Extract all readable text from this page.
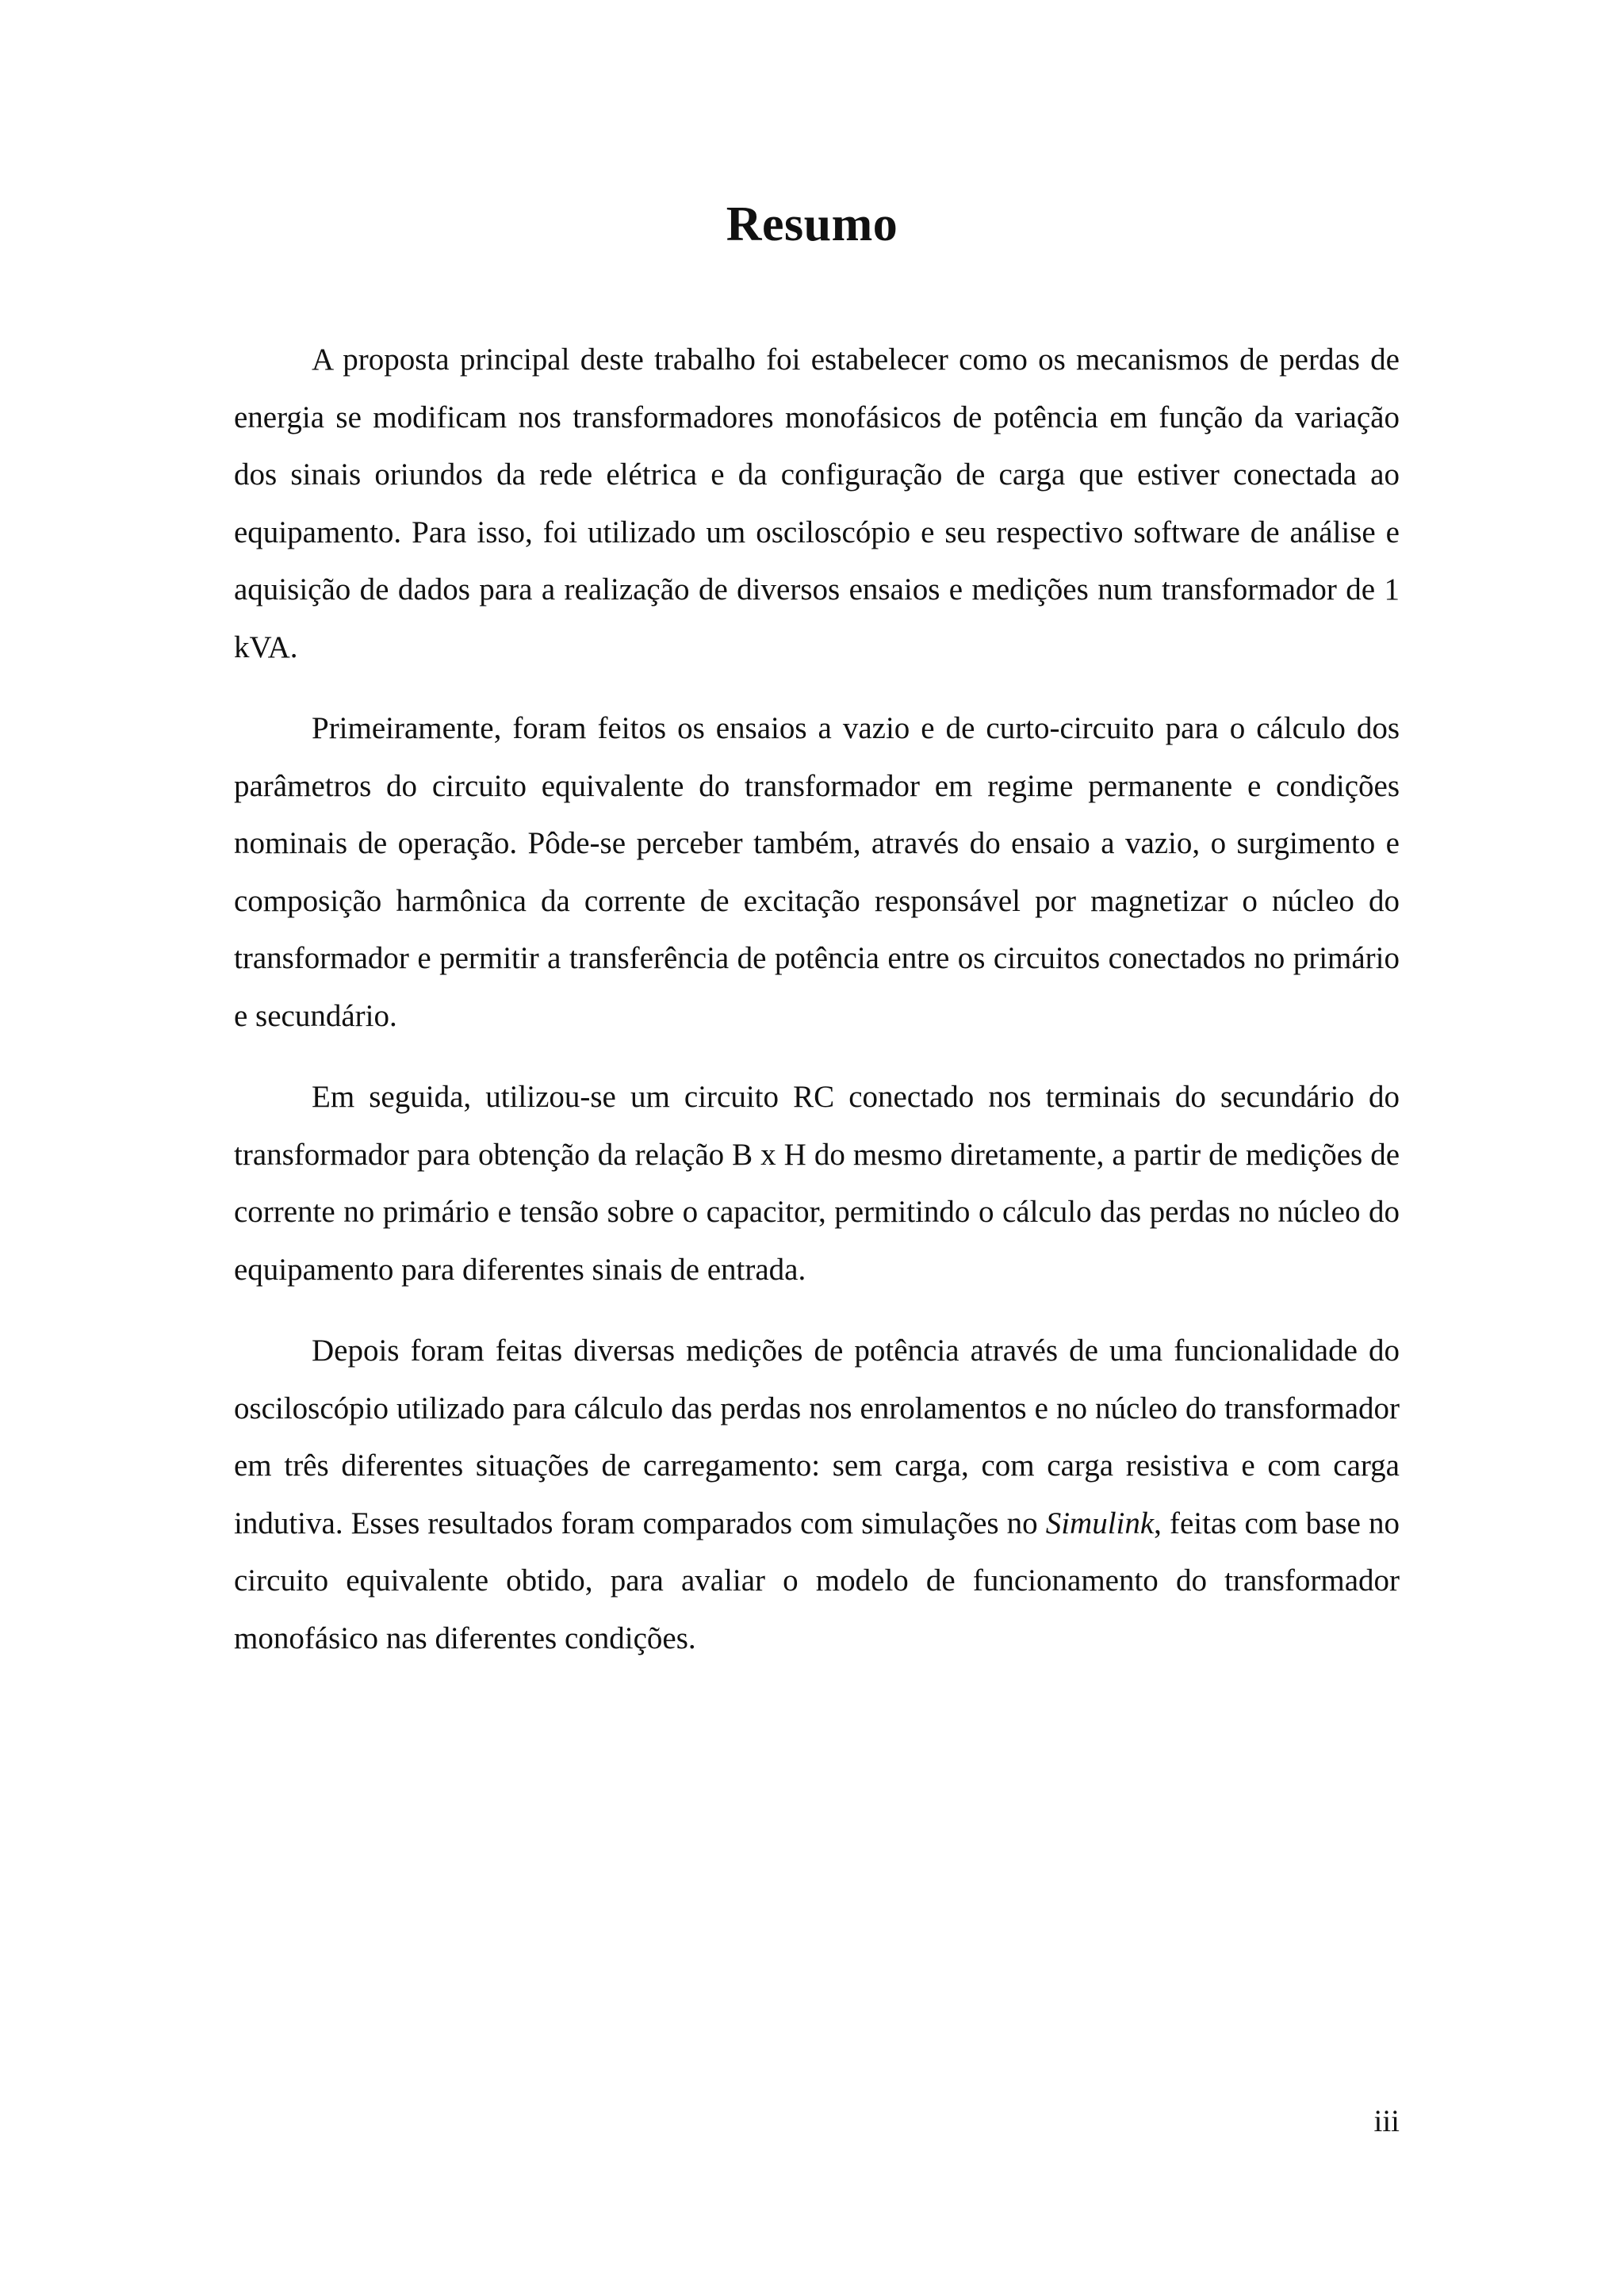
Resumo

A proposta principal deste trabalho foi estabelecer como os mecanismos de perdas de energia se modificam nos transformadores monofásicos de potência em função da variação dos sinais oriundos da rede elétrica e da configuração de carga que estiver conectada ao equipamento. Para isso, foi utilizado um osciloscópio e seu respectivo software de análise e aquisição de dados para a realização de diversos ensaios e medições num transformador de 1 kVA.

Primeiramente, foram feitos os ensaios a vazio e de curto-circuito para o cálculo dos parâmetros do circuito equivalente do transformador em regime permanente e condições nominais de operação. Pôde-se perceber também, através do ensaio a vazio, o surgimento e composição harmônica da corrente de excitação responsável por magnetizar o núcleo do transformador e permitir a transferência de potência entre os circuitos conectados no primário e secundário.

Em seguida, utilizou-se um circuito RC conectado nos terminais do secundário do transformador para obtenção da relação B x H do mesmo diretamente, a partir de medições de corrente no primário e tensão sobre o capacitor, permitindo o cálculo das perdas no núcleo do equipamento para diferentes sinais de entrada.

Depois foram feitas diversas medições de potência através de uma funcionalidade do osciloscópio utilizado para cálculo das perdas nos enrolamentos e no núcleo do transformador em três diferentes situações de carregamento: sem carga, com carga resistiva e com carga indutiva. Esses resultados foram comparados com simulações no Simulink, feitas com base no circuito equivalente obtido, para avaliar o modelo de funcionamento do transformador monofásico nas diferentes condições.

iii
